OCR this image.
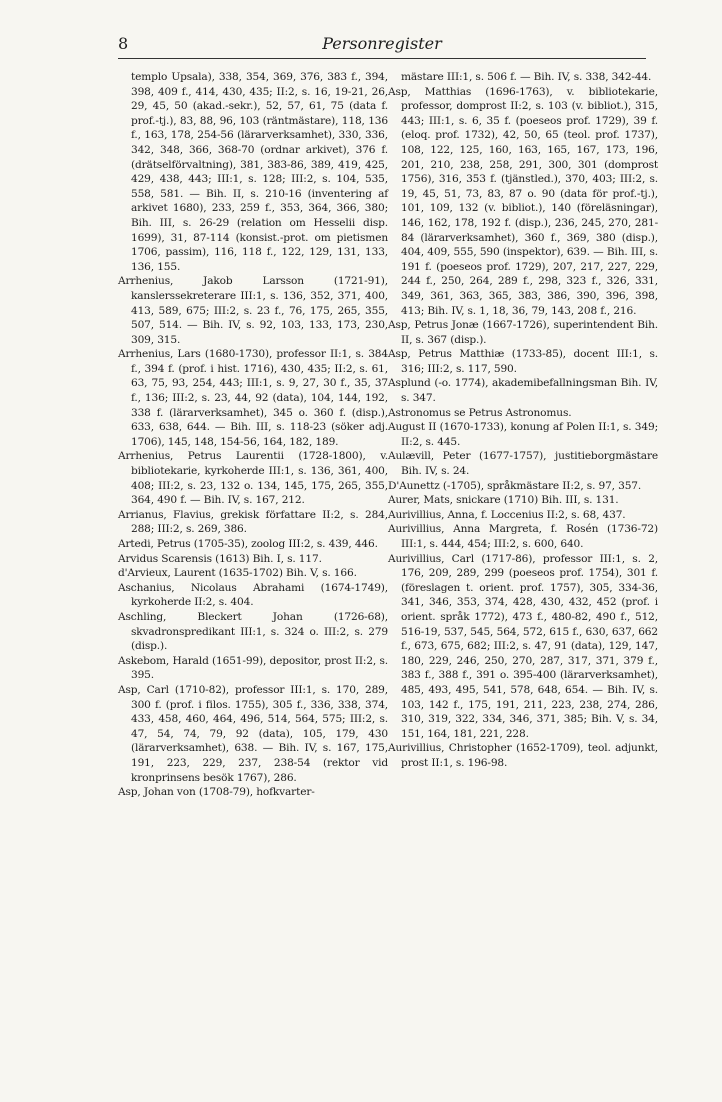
8	Personregister

templo Upsala), 338, 354, 369, 376, 383 f., 394, 398, 409 f., 414, 430, 435; II:2, s. 16, 19-21, 26, 29, 45, 50 (akad.-sekr.), 52, 57, 61, 75 (data f. prof.-tj.), 83, 88, 96, 103 (räntmästare), 118, 136 f., 163, 178, 254-56 (lärarverksamhet), 330, 336, 342, 348, 366, 368-70 (ordnar arkivet), 376 f. (drätselförvaltning), 381, 383-86, 389, 419, 425, 429, 438, 443; III:1, s. 128; III:2, s. 104, 535, 558, 581. — Bih. II, s. 210-16 (inventering af arkivet 1680), 233, 259 f., 353, 364, 366, 380; Bih. III, s. 26-29 (relation om Hesselii disp. 1699), 31, 87-114 (konsist.-prot. om pietismen 1706, passim), 116, 118 f., 122, 129, 131, 133, 136, 155.

Arrhenius, Jakob Larsson (1721-91), kanslerssekreterare III:1, s. 136, 352, 371, 400, 413, 589, 675; III:2, s. 23 f., 76, 175, 265, 355, 507, 514. — Bih. IV, s. 92, 103, 133, 173, 230, 309, 315.

Arrhenius, Lars (1680-1730), professor II:1, s. 384 f., 394 f. (prof. i hist. 1716), 430, 435; II:2, s. 61, 63, 75, 93, 254, 443; III:1, s. 9, 27, 30 f., 35, 37 f., 136; III:2, s. 23, 44, 92 (data), 104, 144, 192, 338 f. (lärarverksamhet), 345 o. 360 f. (disp.), 633, 638, 644. — Bih. III, s. 118-23 (söker adj. 1706), 145, 148, 154-56, 164, 182, 189.

Arrhenius, Petrus Laurentii (1728-1800), v. bibliotekarie, kyrkoherde III:1, s. 136, 361, 400, 408; III:2, s. 23, 132 o. 134, 145, 175, 265, 355, 364, 490 f. — Bih. IV, s. 167, 212.

Arrianus, Flavius, grekisk författare II:2, s. 284, 288; III:2, s. 269, 386.

Artedi, Petrus (1705-35), zoolog III:2, s. 439, 446.

Arvidus Scarensis (1613) Bih. I, s. 117.

d'Arvieux, Laurent (1635-1702) Bih. V, s. 166.

Aschanius, Nicolaus Abrahami (1674-1749), kyrkoherde II:2, s. 404.

Aschling, Bleckert Johan (1726-68), skvadronspredikant III:1, s. 324 o. III:2, s. 279 (disp.).

Askebom, Harald (1651-99), depositor, prost II:2, s. 395.

Asp, Carl (1710-82), professor III:1, s. 170, 289, 300 f. (prof. i filos. 1755), 305 f., 336, 338, 374, 433, 458, 460, 464, 496, 514, 564, 575; III:2, s. 47, 54, 74, 79, 92 (data), 105, 179, 430 (lärarverksamhet), 638. — Bih. IV, s. 167, 175, 191, 223, 229, 237, 238-54 (rektor vid kronprinsens besök 1767), 286.

Asp, Johan von (1708-79), hofkvarter-

mästare III:1, s. 506 f. — Bih. IV, s. 338, 342-44.

Asp, Matthias (1696-1763), v. bibliotekarie, professor, domprost II:2, s. 103 (v. bibliot.), 315, 443; III:1, s. 6, 35 f. (poeseos prof. 1729), 39 f. (eloq. prof. 1732), 42, 50, 65 (teol. prof. 1737), 108, 122, 125, 160, 163, 165, 167, 173, 196, 201, 210, 238, 258, 291, 300, 301 (domprost 1756), 316, 353 f. (tjänstled.), 370, 403; III:2, s. 19, 45, 51, 73, 83, 87 o. 90 (data för prof.-tj.), 101, 109, 132 (v. bibliot.), 140 (föreläsningar), 146, 162, 178, 192 f. (disp.), 236, 245, 270, 281-84 (lärarverksamhet), 360 f., 369, 380 (disp.), 404, 409, 555, 590 (inspektor), 639. — Bih. III, s. 191 f. (poeseos prof. 1729), 207, 217, 227, 229, 244 f., 250, 264, 289 f., 298, 323 f., 326, 331, 349, 361, 363, 365, 383, 386, 390, 396, 398, 413; Bih. IV, s. 1, 18, 36, 79, 143, 208 f., 216.

Asp, Petrus Jonæ (1667-1726), superintendent Bih. II, s. 367 (disp.).

Asp, Petrus Matthiæ (1733-85), docent III:1, s. 316; III:2, s. 117, 590.

Asplund (-o. 1774), akademibefallningsman Bih. IV, s. 347.

Astronomus se Petrus Astronomus.

August II (1670-1733), konung af Polen II:1, s. 349; II:2, s. 445.

Aulævill, Peter (1677-1757), justitieborgmästare Bih. IV, s. 24.

D'Aunettz (-1705), språkmästare II:2, s. 97, 357.

Aurer, Mats, snickare (1710) Bih. III, s. 131.

Aurivillius, Anna, f. Loccenius II:2, s. 68, 437.

Aurivillius, Anna Margreta, f. Rosén (1736-72) III:1, s. 444, 454; III:2, s. 600, 640.

Aurivillius, Carl (1717-86), professor III:1, s. 2, 176, 209, 289, 299 (poeseos prof. 1754), 301 f. (föreslagen t. orient. prof. 1757), 305, 334-36, 341, 346, 353, 374, 428, 430, 432, 452 (prof. i orient. språk 1772), 473 f., 480-82, 490 f., 512, 516-19, 537, 545, 564, 572, 615 f., 630, 637, 662 f., 673, 675, 682; III:2, s. 47, 91 (data), 129, 147, 180, 229, 246, 250, 270, 287, 317, 371, 379 f., 383 f., 388 f., 391 o. 395-400 (lärarverksamhet), 485, 493, 495, 541, 578, 648, 654. — Bih. IV, s. 103, 142 f., 175, 191, 211, 223, 238, 274, 286, 310, 319, 322, 334, 346, 371, 385; Bih. V, s. 34, 151, 164, 181, 221, 228.

Aurivillius, Christopher (1652-1709), teol. adjunkt, prost II:1, s. 196-98.
